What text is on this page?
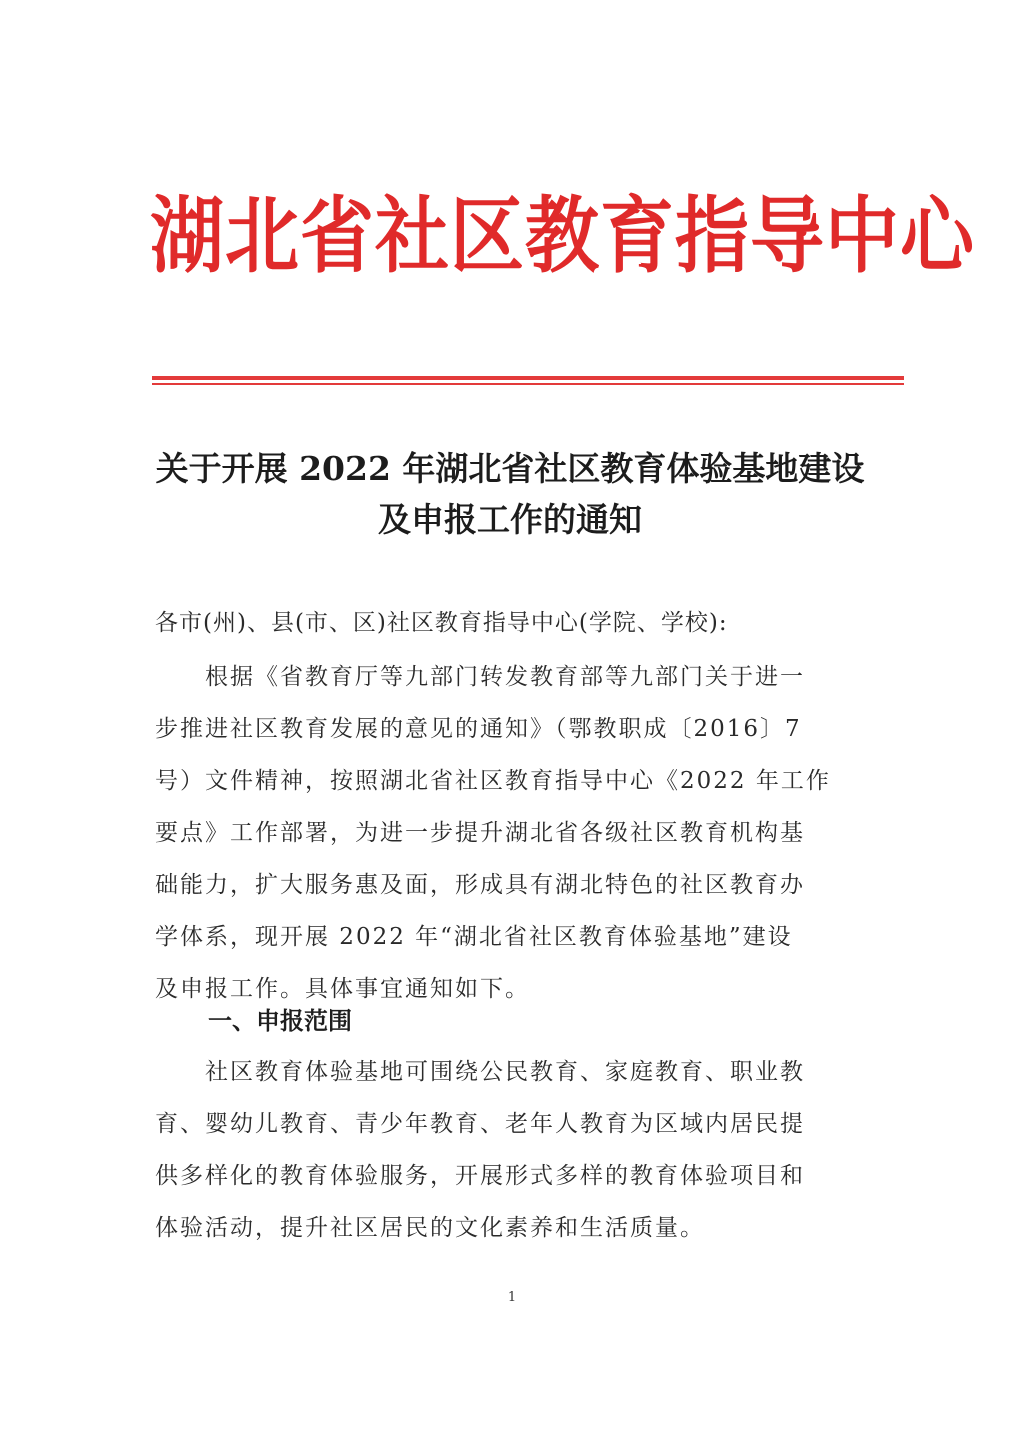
湖北省社区教育指导中心
关于开展 2022 年湖北省社区教育体验基地建设
及申报工作的通知
各市(州)、县(市、区)社区教育指导中心(学院、学校):
　　根据《省教育厅等九部门转发教育部等九部门关于进一
步推进社区教育发展的意见的通知》（鄂教职成〔2016〕7
号）文件精神，按照湖北省社区教育指导中心《2022 年工作
要点》工作部署，为进一步提升湖北省各级社区教育机构基
础能力，扩大服务惠及面，形成具有湖北特色的社区教育办
学体系，现开展 2022 年“湖北省社区教育体验基地”建设
及申报工作。具体事宜通知如下。
一、申报范围
　　社区教育体验基地可围绕公民教育、家庭教育、职业教
育、婴幼儿教育、青少年教育、老年人教育为区域内居民提
供多样化的教育体验服务，开展形式多样的教育体验项目和
体验活动，提升社区居民的文化素养和生活质量。
1
